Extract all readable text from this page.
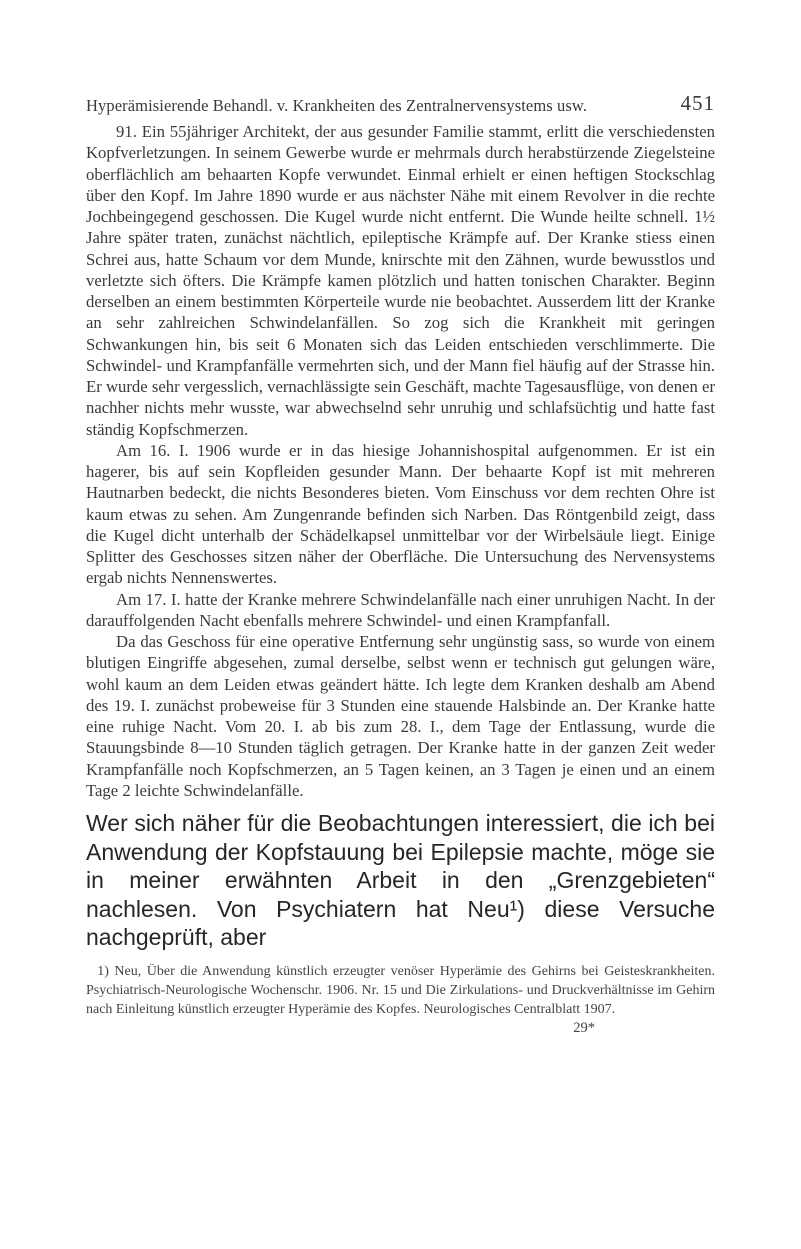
Hyperämisierende Behandl. v. Krankheiten des Zentralnervensystems usw.	451

91. Ein 55jähriger Architekt, der aus gesunder Familie stammt, erlitt die verschiedensten Kopfverletzungen. In seinem Gewerbe wurde er mehrmals durch herabstürzende Ziegelsteine oberflächlich am behaarten Kopfe verwundet. Einmal erhielt er einen heftigen Stockschlag über den Kopf. Im Jahre 1890 wurde er aus nächster Nähe mit einem Revolver in die rechte Jochbeingegend geschossen. Die Kugel wurde nicht entfernt. Die Wunde heilte schnell. 1½ Jahre später traten, zunächst nächtlich, epileptische Krämpfe auf. Der Kranke stiess einen Schrei aus, hatte Schaum vor dem Munde, knirschte mit den Zähnen, wurde bewusstlos und verletzte sich öfters. Die Krämpfe kamen plötzlich und hatten tonischen Charakter. Beginn derselben an einem bestimmten Körperteile wurde nie beobachtet. Ausserdem litt der Kranke an sehr zahlreichen Schwindelanfällen. So zog sich die Krankheit mit geringen Schwankungen hin, bis seit 6 Monaten sich das Leiden entschieden verschlimmerte. Die Schwindel- und Krampfanfälle vermehrten sich, und der Mann fiel häufig auf der Strasse hin. Er wurde sehr vergesslich, vernachlässigte sein Geschäft, machte Tagesausflüge, von denen er nachher nichts mehr wusste, war abwechselnd sehr unruhig und schlafsüchtig und hatte fast ständig Kopfschmerzen.

Am 16. I. 1906 wurde er in das hiesige Johannishospital aufgenommen. Er ist ein hagerer, bis auf sein Kopfleiden gesunder Mann. Der behaarte Kopf ist mit mehreren Hautnarben bedeckt, die nichts Besonderes bieten. Vom Einschuss vor dem rechten Ohre ist kaum etwas zu sehen. Am Zungenrande befinden sich Narben. Das Röntgenbild zeigt, dass die Kugel dicht unterhalb der Schädelkapsel unmittelbar vor der Wirbelsäule liegt. Einige Splitter des Geschosses sitzen näher der Oberfläche. Die Untersuchung des Nervensystems ergab nichts Nennenswertes.

Am 17. I. hatte der Kranke mehrere Schwindelanfälle nach einer unruhigen Nacht. In der darauffolgenden Nacht ebenfalls mehrere Schwindel- und einen Krampfanfall.

Da das Geschoss für eine operative Entfernung sehr ungünstig sass, so wurde von einem blutigen Eingriffe abgesehen, zumal derselbe, selbst wenn er technisch gut gelungen wäre, wohl kaum an dem Leiden etwas geändert hätte. Ich legte dem Kranken deshalb am Abend des 19. I. zunächst probeweise für 3 Stunden eine stauende Halsbinde an. Der Kranke hatte eine ruhige Nacht. Vom 20. I. ab bis zum 28. I., dem Tage der Entlassung, wurde die Stauungsbinde 8—10 Stunden täglich getragen. Der Kranke hatte in der ganzen Zeit weder Krampfanfälle noch Kopfschmerzen, an 5 Tagen keinen, an 3 Tagen je einen und an einem Tage 2 leichte Schwindelanfälle.

Wer sich näher für die Beobachtungen interessiert, die ich bei Anwendung der Kopfstauung bei Epilepsie machte, möge sie in meiner erwähnten Arbeit in den „Grenzgebieten“ nachlesen. Von Psychiatern hat Neu¹) diese Versuche nachgeprüft, aber

1) Neu, Über die Anwendung künstlich erzeugter venöser Hyperämie des Gehirns bei Geisteskrankheiten. Psychiatrisch-Neurologische Wochenschr. 1906. Nr. 15 und Die Zirkulations- und Druckverhältnisse im Gehirn nach Einleitung künstlich erzeugter Hyperämie des Kopfes. Neurologisches Centralblatt 1907.

29*
